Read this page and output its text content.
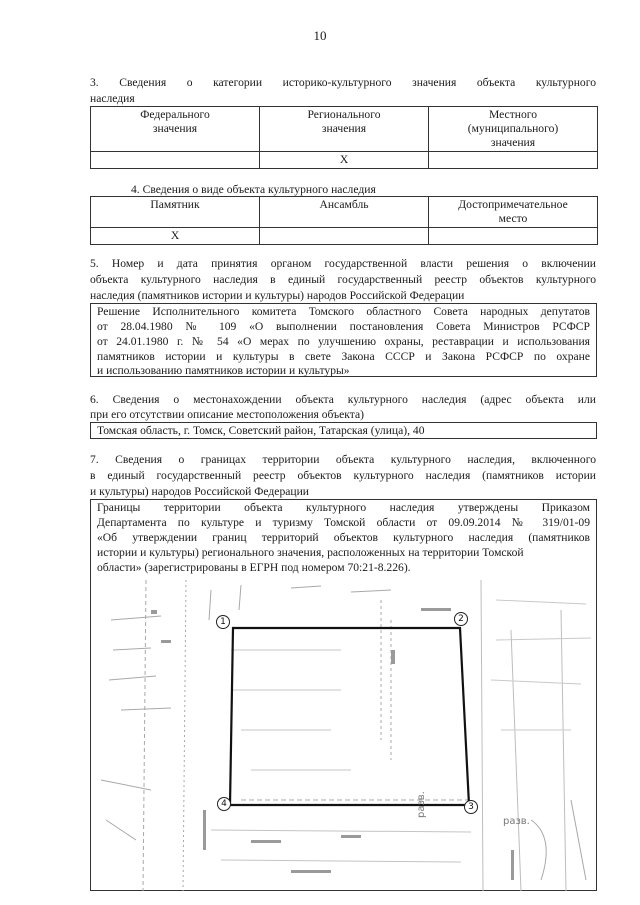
10
3. Сведения о категории историко-культурного значения объекта культурного
наследия
Федерального
значения	Регионального
значения	Местного
(муниципального)
значения
	Х	
4. Сведения о виде объекта культурного наследия
Памятник	Ансамбль	Достопримечательное
место
Х		
5. Номер и дата принятия органом государственной власти решения о включении
объекта культурного наследия в единый государственный реестр объектов культурного
наследия (памятников истории и культуры) народов Российской Федерации
Решение Исполнительного комитета Томского областного Совета народных депутатов
от 28.04.1980 № 109 «О выполнении постановления Совета Министров РСФСР
от 24.01.1980 г. № 54 «О мерах по улучшению охраны, реставрации и использования
памятников истории и культуры в свете Закона СССР и Закона РСФСР по охране
и использованию памятников истории и культуры»
6. Сведения о местонахождении объекта культурного наследия (адрес объекта или
при его отсутствии описание местоположения объекта)
Томская область, г. Томск, Советский район, Татарская (улица), 40
7. Сведения о границах территории объекта культурного наследия, включенного
в единый государственный реестр объектов культурного наследия (памятников истории
и культуры) народов Российской Федерации
Границы территории объекта культурного наследия утверждены Приказом
Департамента по культуре и туризму Томской области от 09.09.2014 № 319/01-09
«Об утверждении границ территорий объектов культурного наследия (памятников
истории и культуры) регионального значения, расположенных на территории Томской
области» (зарегистрированы в ЕГРН под номером 70:21-8.226).
1	2
3
4	разв.
разв.
